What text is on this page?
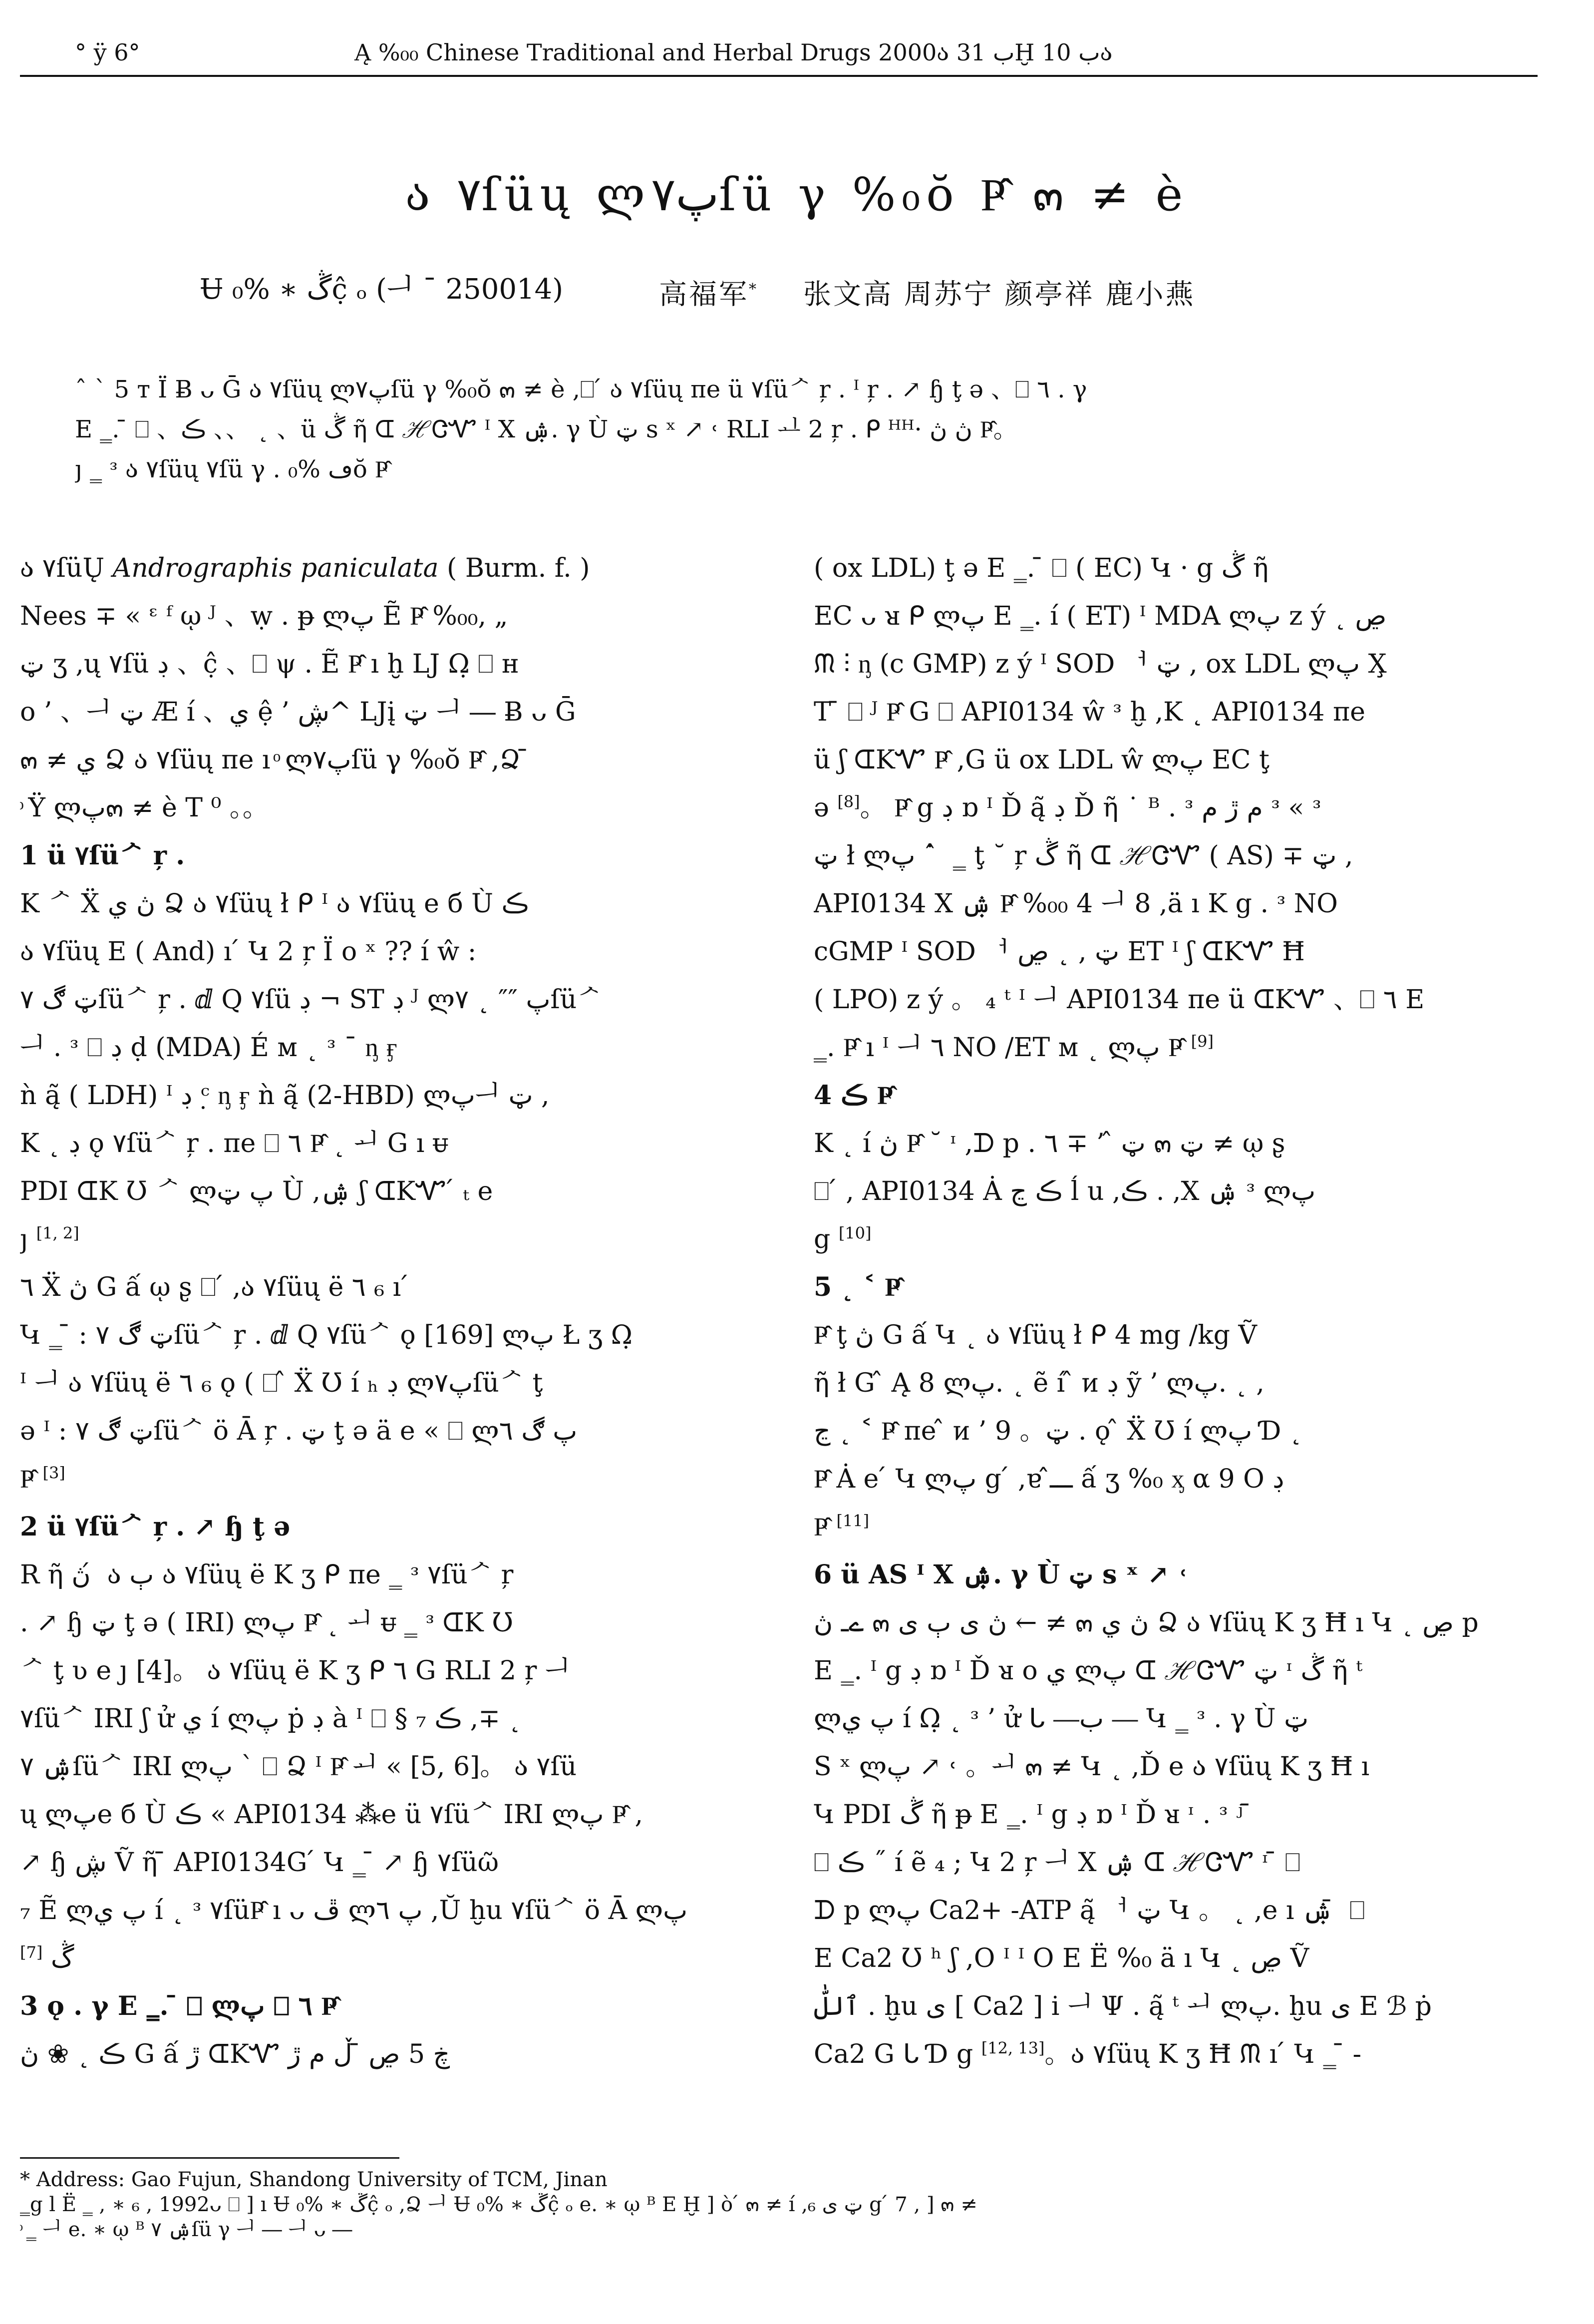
° ÿ 6°	Ą %₀₀ Chinese Traditional and Herbal Drugs 2000ა ب 31Ḫ ب 10ა
ა ٧ſüų ლپ٧ſü γ %₀ŏ Ҏ̂ ๓ ≠ è
Ʉ ڴ ∗ %₀ĉ̣ ₒ (ᅴ ¯ 250014)	高福军* 张文高 周苏宁 颜亭祥 鹿小燕

ˆ ˋ 5 т Ϊ Ƀ ᴗ Ḡ ა ٧ſüų ლپ٧ſü γ %₀ŏ ๓ ≠ è ,⎕ ́ ა ٧ſüų πe ü ٧ſüᄼ ŗ . ᴵ ŗ . ↗ ɧ ţ ә 、⎕ ٦ . γ

E ‗. ̄ ⎕ 、ڪ 、、 ˛ 、ü ڴ ῆ ᗭ ℋᏣᏉ ᴵ X ۺ. γ Ù ټ s ˣ ↗ ˓ RLI ᆚ 2 ŗ . ᑭ ᴴᴴ· ڽ ڽ Ҏ̂。

ȷ ‗ ᵌ ა ٧ſüų ٧ſü γ . ڡ %₀ŏ Ҏ̂

ა ٧ſüŲ Andrographis paniculata ( Burm. f. )

Nees ∓ « ᵋ ᶠ ῳ ᴶ 、ẉ . ᵽ ლپ Ẽ Ҏ̂ %₀₀, „

ټ ʒ ,ų ٧ſü ڊ 、ĉ̣ 、⎕ ψ . Ẽ Ҏ̂ ı ḫ LJ Ω̣ ⎕ ʜ

o ’ 、ᅴ ټ Æ í 、ي ệ ’ ڜ^ LJį ټ ᅴ ― Ƀ ᴗ Ḡ

๓ ≠ ي Ձ ა ٧ſüų πe ı ͦ ლپ٧ſü γ %₀ŏ Ҏ̂ ,Ձ ̄

ͦ Ÿ ლپ๓ ≠ è T ⁰ 。。

1 ü ٧ſüᄼ ŗ .

K ᄼ Ẍ ڽ ي Ձ ა ٧ſüų ł ᑭ ᴵ ა ٧ſüų e б Ù ڪ

ა ٧ſüų E ( And) ı ́ Կ 2 ŗ Ϊ o ˣ ?? í ŵ :

ټ ڰ ٧ſüᄼ ŗ . ⅆ Q ٧ſü ڊ ¬ ST ڊ ᴶ ლپ ″″ ˛ ٧ſüᄼ

ᅴ . ᵌ ⎕ ڊ ḍ (MDA) É ᴍ ˛ ᵌ ¯ ᶇ ӻ

ǹ ą̃ ( LDH) ᴵ ڊ ᶜ̣ ᶇ ӻ ǹ ą̃ (2-HBD) ლپᅴ ټ ,

K ˛ ڊ ǫ ٧ſüᄼ ŗ . πe ⎕ ٦ Ҏ̂ ˛ ᅬ G ı ᵾ

PDI ᗭK Ʊ ᄼ ლپ ټ Ù ,ۺ ʃ ᗭKᏉ ́ ₜ e

ȷ [1, 2]

٦ Ẍ ڽ G ấ ῳ ʂ ⎕ ́ ,ა ٧ſüų ë ٦ ₆ ı ́

Կ ‗ ̄ : ټ ڰ ٧ſüᄼ ŗ . ⅆ Q ٧ſüᄼ ǫ [169] ლپ Ł ʒ Ω̣

ᴵ ᅴ ა ٧ſüų ë ٦ ₆ ǫ ( ⎕ ̂ Ẍ Ʊ í ₕ ڊ ლپ٧ſüᄼ ţ

ә ᴵ : ټ ڰ ٧ſüᄼ ö Ā ŗ . ټ ţ ә ä e « ⎕ ლپ ڰ ٦

Ҏ̂ [3]

2 ü ٧ſüᄼ ŗ . ↗ ɧ ţ ә

R ῆ ڽ ́ ა ٻ ა ٧ſüų ë K ʒ ᑭ πe ‗ ᵌ ٧ſüᄼ ŗ

. ↗ ɧ ټ ţ ә ( IRI) ლپ Ҏ̂ ˛ ᅬ ᵾ ‗ ᵌ ᗭK Ʊ

ᄼ ţ ʋ e ȷ [4]。 ა ٧ſüų ë K ʒ ᑭ ٦ G RLI 2 ŗ ᅴ

٧ſüᄼ IRI ʃ ử ي í ლپ ṗ ڊ à ᴵ ⎕ § ₇ ڪ ,∓ ˛

ۺ ٧ſüᄼ IRI ლپ ˋ ⎕ Ձ ᴵ Ҏ̂ ᅬ « [5, 6]。 ა ٧ſü

ų ლپe б Ù ڪ « API0134 ⁂e ü ٧ſüᄼ IRI ლپ Ҏ̂ ,

↗ ɧ ڜ Ṽ ῆ ̄ API0134G ́ Կ ‗ ̄ ↗ ɧ ٧ſüῶ

₇ Ẽ ლپ ي í ˛ ᵌ ٧ſüҎ̂ ı ᴗ ڦ ლپ ٦ ,Ŭ ḫu ٧ſüᄼ ö Ā ლپ

ڴ [7]

3 ǫ . γ E ‗. ̄ ⎕ ლپ ⎕ ٦ Ҏ̂

ڪ ˛ ❀ ڽ G ấ ڙ ᗭKᏉ ڿ 5 ڝ ̄ ڵ م ڙ

( ox LDL) ţ ә E ‗. ̄ ⎕ ( EC) Կ · g ڴ ῆ

EC ᴗ ᴚ ᑭ ლپ E ‗. í ( ET) ᴵ MDA ლپ z ý ˛ ڝ

ᙏ ⫶ ᶇ (c GMP) z ý ᴵ SOD ᅥ ټ , ox LDL ლپ X̧

T ̄ ⎕ ᴶ Ҏ̂ G ⎕ API0134 ŵ ᵌ ḫ ,K ˛ API0134 πe

ü ʃ ᗭKᏉ Ҏ̂ ,G ü ox LDL ŵ ლپ EC ţ

ә [8]。 Ҏ̂ g ڊ ɒ ᴵ Ď ą̃ ڊ Ď ῆ ˙ ᴮ . ᵌ م ڙ م ᵌ « ᵌ

ټ ł ლپ ˙ ̂ ‗ ţ ˘ ŗ ڴ ῆ ᗭ ℋᏣᏉ ( AS) ∓ ټ ,

API0134 X ۺ Ҏ̂ %₀₀ 4 ᅴ 8 ,ä ı K g . ᵌ NO

cGMP ᴵ SOD ᅥ ټ , ˛ ڝ ET ᴵ ʃ ᗭKᏉ Ħ

( LPO) z ý 。 ₄ ᵗ ᴵ ᅴ API0134 πe ü ᗭKᏉ 、⎕ ٦ E

‗. Ҏ̂ ı ᴵ ᅴ ٦ NO /ET ᴍ ˛ ლپ Ҏ̂ [9]

4 ڪ Ҏ̂

K ˛ í ڽ Ҏ̂ ˘ ᶦ ,ᗪ p . ټ ̂ ’ ∓ ٦ ๓ ټ ≠ ῳ ʂ

⎕ ́ , API0134 Ȧ ڪ ڃ ĺ u ,ڪ . ,X ۺ ᵌ ლپ

g [10]

5 ˛ ˂ Ҏ̂

Ҏ̂ ţ ڽ G ấ Կ ˛ ა ٧ſüų ł ᑭ 4 mg /kg Ṽ

ῆ ł G ̂ Ą 8 ლپ. ˛ ẽ í ̂ ᴎ ڊ ỹ ’ ლپ. ˛ ,

ڃ ˛ ˂ Ҏ̂ πe ̂ ᴎ ’ 9 。ټ . ǫ ̂ Ẍ Ʊ í ლپ Ɗ ˛

Ҏ̂ Ȧ e ́ Կ ლپ g ́ ,ɐ ـــ̂ ấ ʒ %₀ ᶍ α 9 O ڊ

Ҏ̂ [11]

6 ü AS ᴵ X ۺ. γ Ù ټ s ˣ ↗ ˓

ےـ ڽ ๓ ڽ ی ٻ ى ← ≠ ๓ ڽ ي Ձ ა ٧ſüų K ʒ Ħ ı Կ ˛ ڝ p

E ‗. ᴵ g ڊ ɒ ᴵ Ď ᴚ o ي ლپ ᗭ ℋᏣᏉ ټ ᶦ ڴ ῆ ᵗ

ლپ ي í Ω̣ ˛ ᵌ ’ ử ᒐ ⎯⎯ب ⎯⎯ Կ ‗ ᵌ . γ Ù ټ

S ˣ ლپ ↗ ˓ 。ᅬ ๓ ≠ Կ ˛ ,Ď e ა ٧ſüų K ʒ Ħ ı

Կ PDI ڴ ῆ ᵽ E ‗. ᴵ g ڊ ɒ ᴵ Ď ᴚ ᶦ . ᵌ ʲ ̄

⎕ ڪ ˝ í ẽ ₄ ; Կ 2 ŗ ᅴ X ۺ ᗭ ℋᏣᏉ ᶦ ̄ ⎕

ᗪ p ლپ Ca2+ -ATP ą̃ ᅥ ټ Կ 。 ˛ ,e ı ۺ ̄ ⎕

E Ca2 Ʊ ʰ ʃ ,O ᴵ ᴵ O E Ë %₀ ä ı Կ ˛ ڝ Ṽ

ٱللّٰ . ḫu ى [ Ca2 ] i ᅴ Ψ . ą̃ ᵗ ᅬ ლپ. ḫu ى E ℬ ṗ

Ca2 G ᒐ Ɗ g [12, 13]。ა ٧ſüų K ʒ Ħ ᙏ ı ́ Կ ‗ ̄ -

* Address: Gao Fujun, Shandong University of TCM, Jinan

‗g l Ë ‗ , ∗ ₆ , 1992ᴗ ⎕ ] ı Ʉ ڴ ∗ %₀ĉ̣ ₒ ,Ձ ᅴ Ʉ ڴ ∗ %₀ĉ̣ ₒ e. ∗ ῳ ᴮ E Ḫ ] ò ́ ๓ ≠ í ,₆ ټ ى g ́ 7 , ] ๓ ≠

ͦ ‗ ᅴ e. ∗ ῳ ᴮ ۺ ٧ſü γ ᅴ ― ᅴ ᴗ ―
